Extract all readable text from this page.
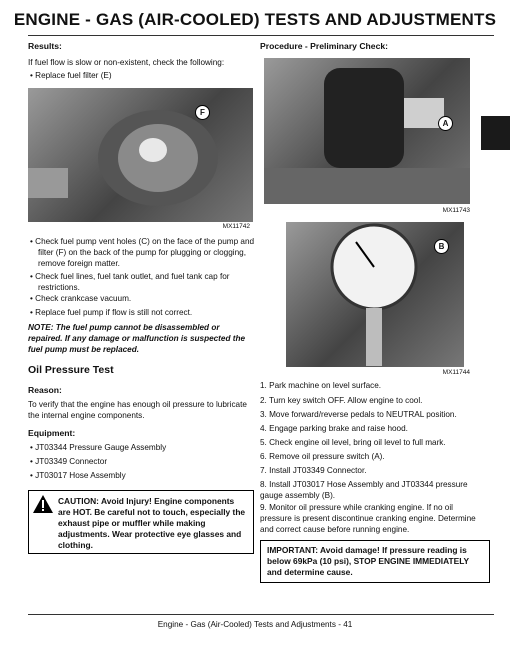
ENGINE - GAS (AIR-COOLED) TESTS AND ADJUSTMENTS
Results:
If fuel flow is slow or non-existent, check the following:
• Replace fuel filter (E)
F
MX11742
• Check fuel pump vent holes (C) on the face of the pump and filter (F) on the back of the pump for plugging or clogging, remove foreign matter.
• Check fuel lines, fuel tank outlet, and fuel tank cap for restrictions.
• Check crankcase vacuum.
• Replace fuel pump if flow is still not correct.
NOTE: The fuel pump cannot be disassembled or repaired. If any damage or malfunction is suspected the fuel pump must be replaced.
Oil Pressure Test
Reason:
To verify that the engine has enough oil pressure to lubricate the internal engine components.
Equipment:
• JT03344 Pressure Gauge Assembly
• JT03349 Connector
• JT03017 Hose Assembly
CAUTION: Avoid Injury! Engine components are HOT. Be careful not to touch, especially the exhaust pipe or muffler while making adjustments. Wear protective eye glasses and clothing.
Procedure - Preliminary Check:
A
MX11743
B
MX11744
1. Park machine on level surface.
2. Turn key switch OFF. Allow engine to cool.
3. Move forward/reverse pedals to NEUTRAL position.
4. Engage parking brake and raise hood.
5. Check engine oil level, bring oil level to full mark.
6. Remove oil pressure switch (A).
7. Install JT03349 Connector.
8. Install JT03017 Hose Assembly and JT03344 pressure gauge assembly (B).
9. Monitor oil pressure while cranking engine. If no oil pressure is present discontinue cranking engine. Determine and correct cause before running engine.
IMPORTANT: Avoid damage! If pressure reading is below 69kPa (10 psi), STOP ENGINE IMMEDIATELY and determine cause.
Engine - Gas (Air-Cooled) Tests and Adjustments - 41
